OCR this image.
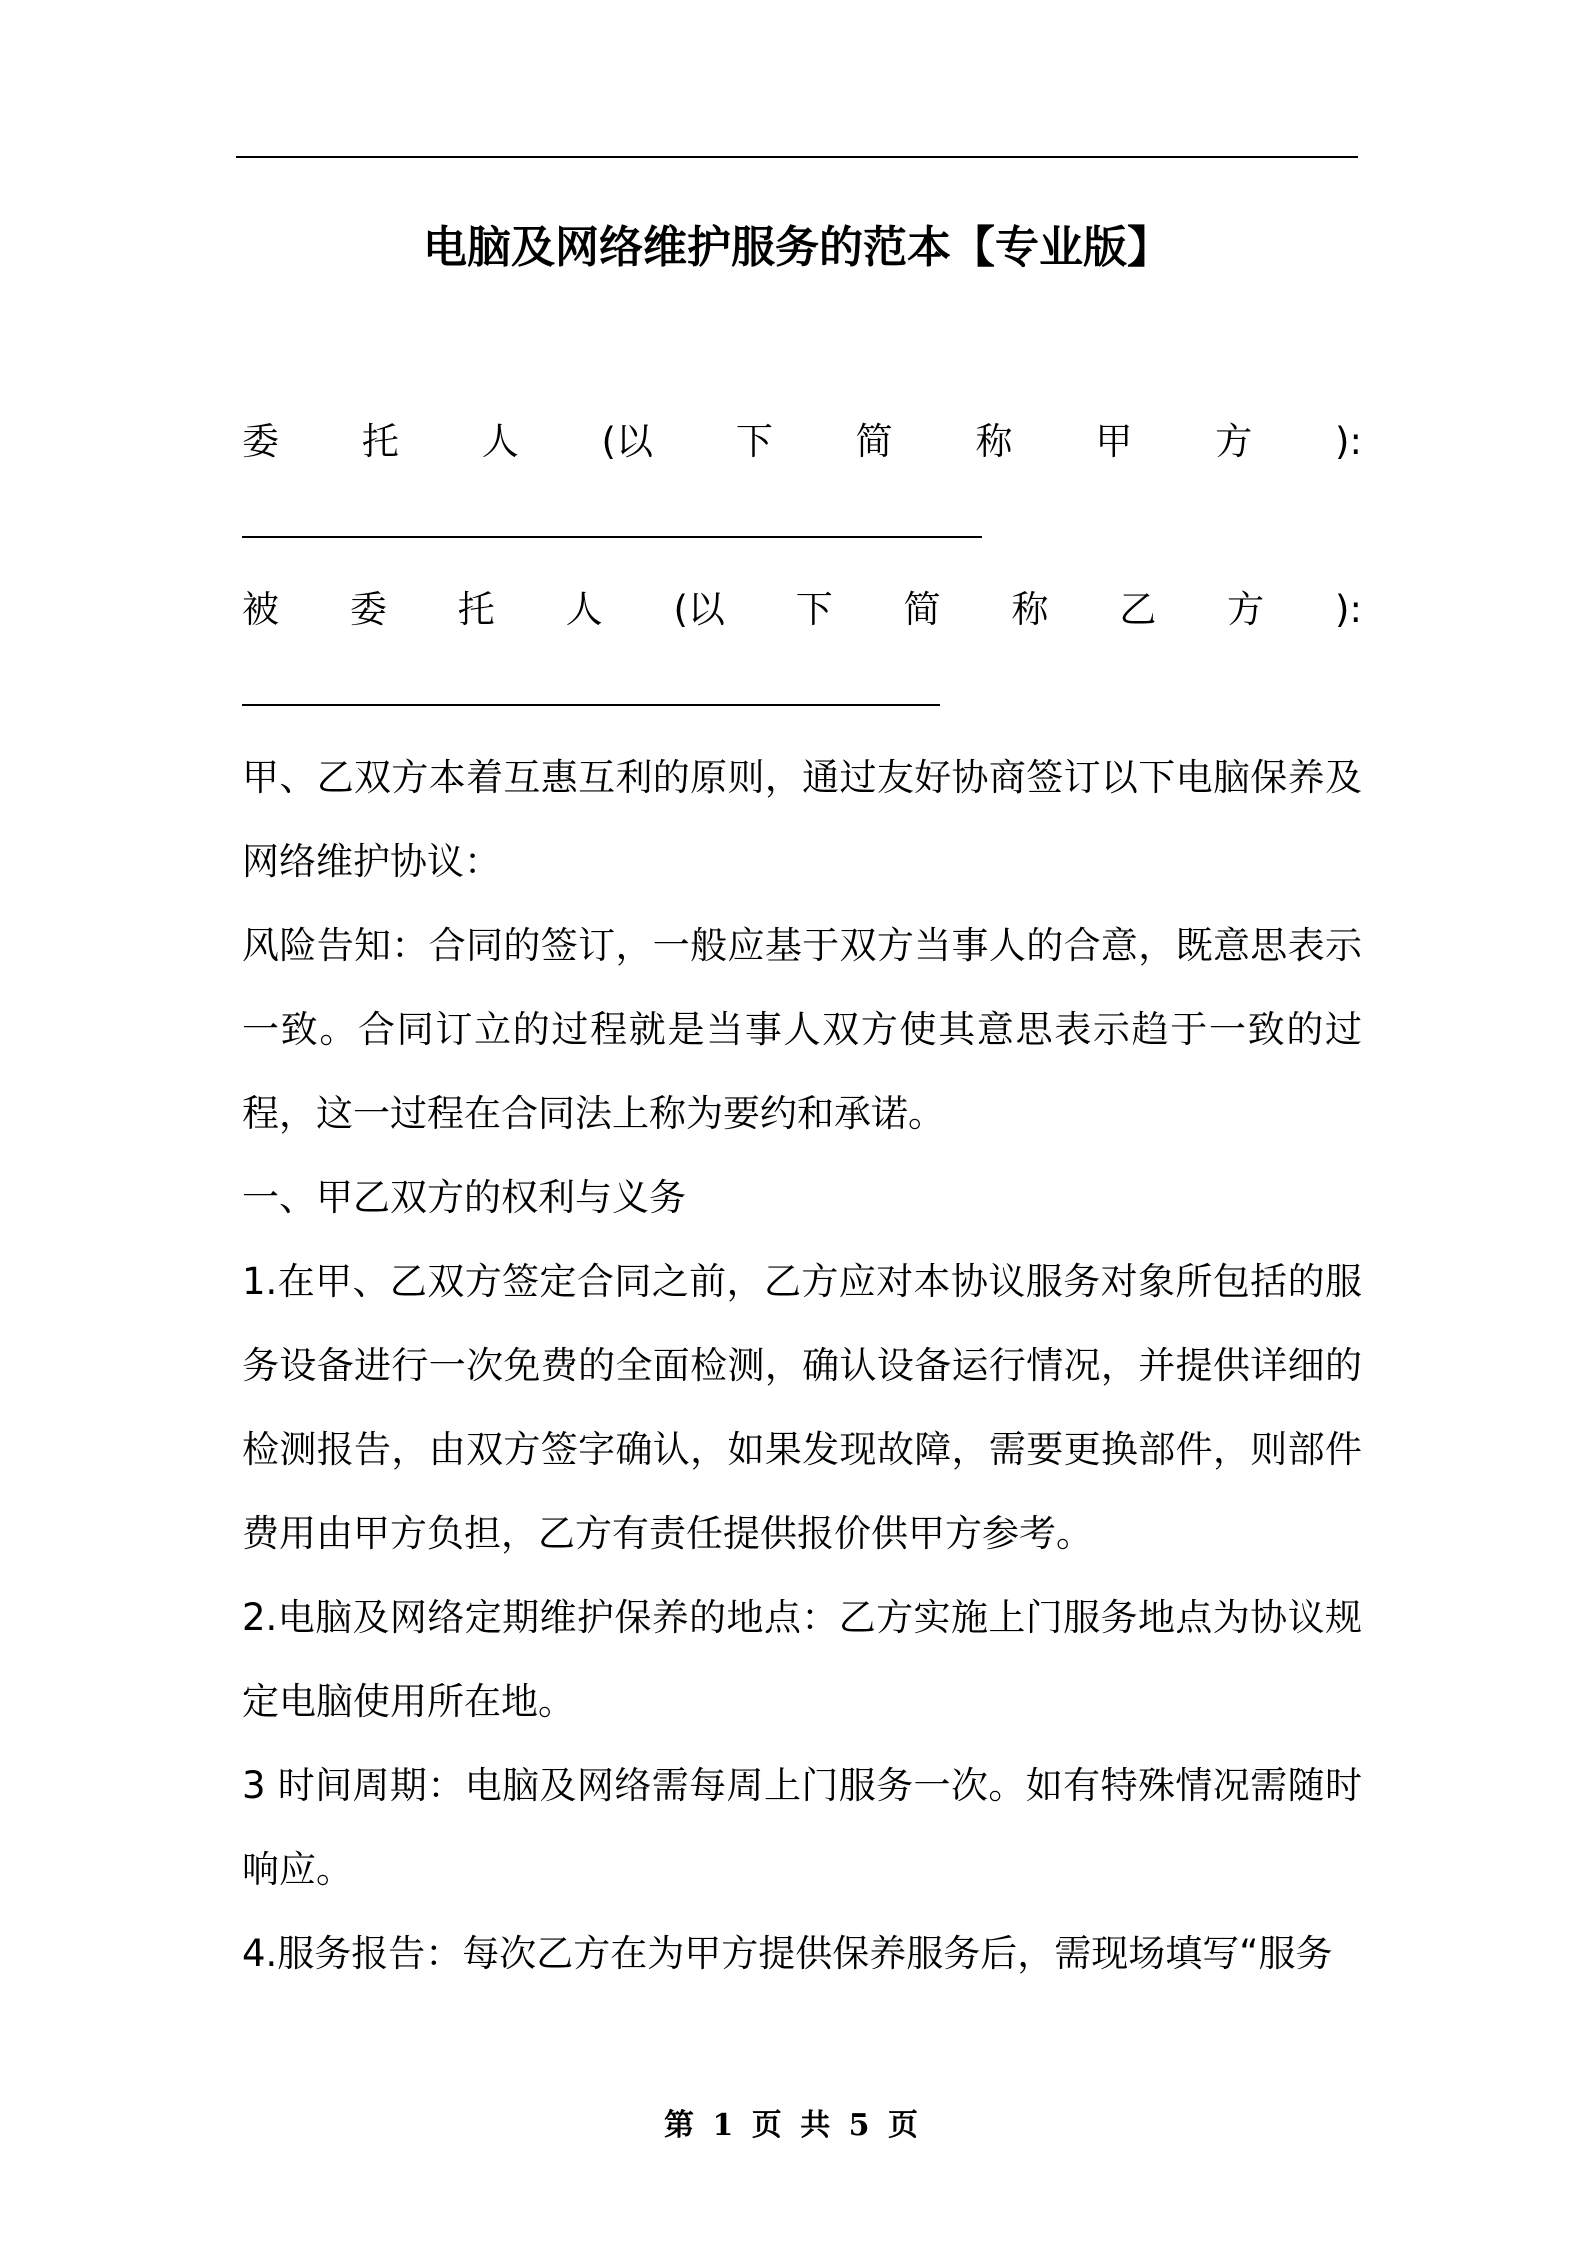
电脑及网络维护服务的范本【专业版】
委 托 人 (以 下 简 称 甲 方 ):
被 委 托 人 (以 下 简 称 乙 方 ):

甲、乙双方本着互惠互利的原则，通过友好协商签订以下电脑保养及网络维护协议：

风险告知：合同的签订，一般应基于双方当事人的合意，既意思表示一致。合同订立的过程就是当事人双方使其意思表示趋于一致的过程，这一过程在合同法上称为要约和承诺。

一、甲乙双方的权利与义务

1.在甲、乙双方签定合同之前，乙方应对本协议服务对象所包括的服务设备进行一次免费的全面检测，确认设备运行情况，并提供详细的检测报告，由双方签字确认，如果发现故障，需要更换部件，则部件费用由甲方负担，乙方有责任提供报价供甲方参考。

2.电脑及网络定期维护保养的地点：乙方实施上门服务地点为协议规定电脑使用所在地。

3 时间周期：电脑及网络需每周上门服务一次。如有特殊情况需随时响应。

4.服务报告：每次乙方在为甲方提供保养服务后，需现场填写“服务

第 1 页 共 5 页
